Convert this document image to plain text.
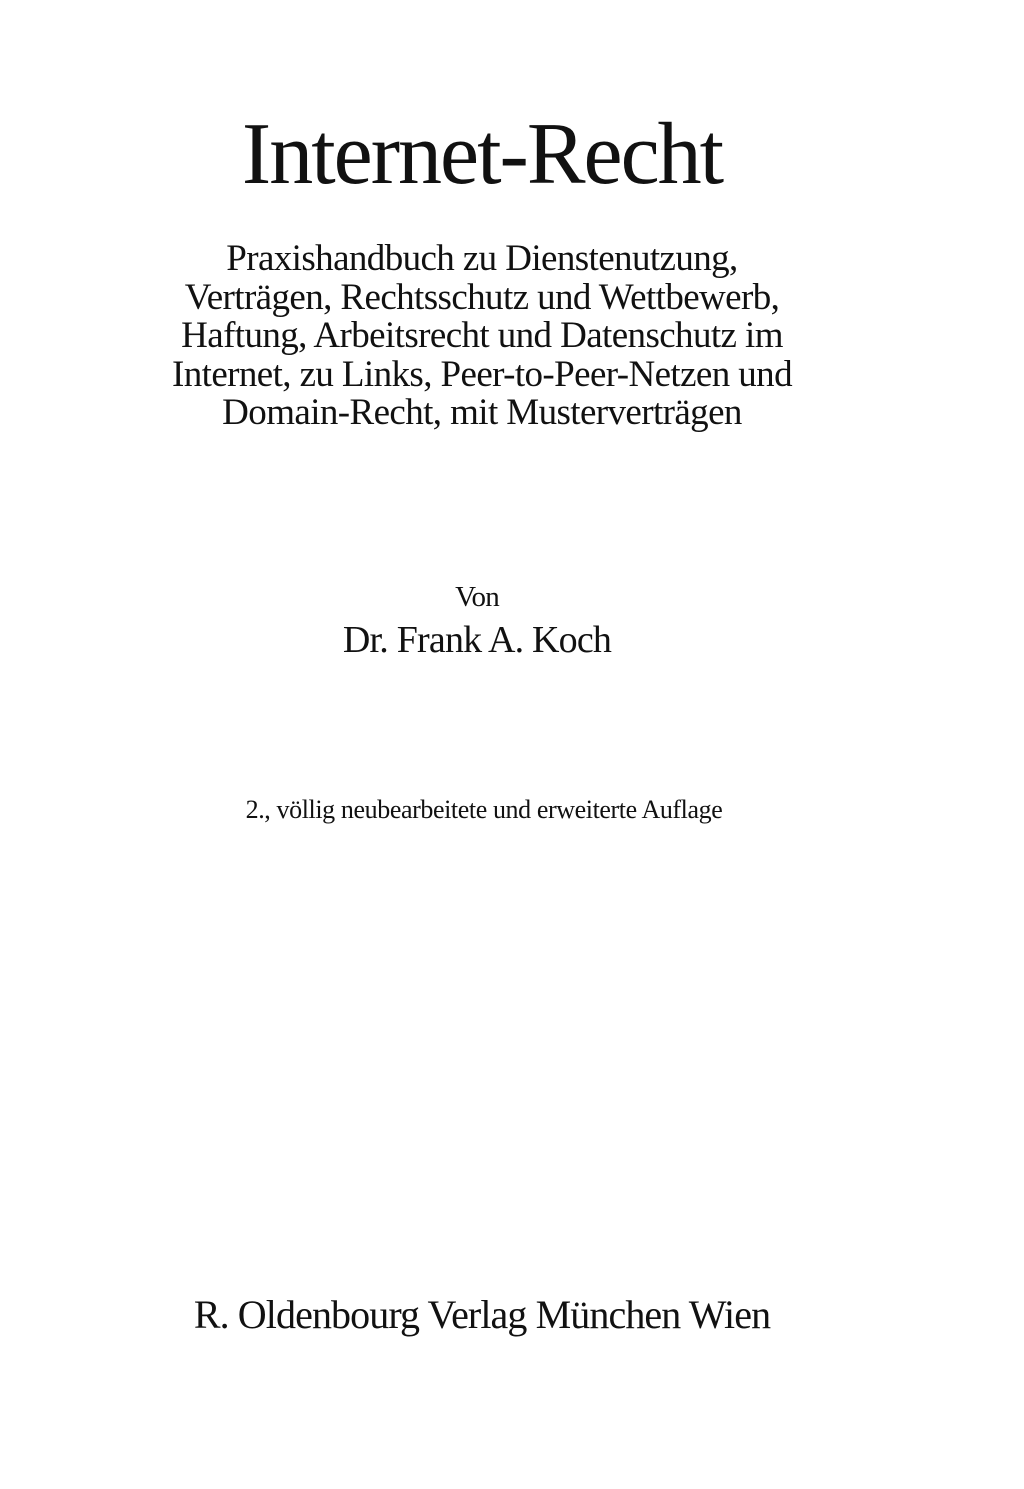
Internet-Recht
Praxishandbuch zu Dienstenutzung,
Verträgen, Rechtsschutz und Wettbewerb,
Haftung, Arbeitsrecht und Datenschutz im
Internet, zu Links, Peer-to-Peer-Netzen und
Domain-Recht, mit Musterverträgen

Von

Dr. Frank A. Koch

2., völlig neubearbeitete und erweiterte Auflage

R. Oldenbourg Verlag München Wien
